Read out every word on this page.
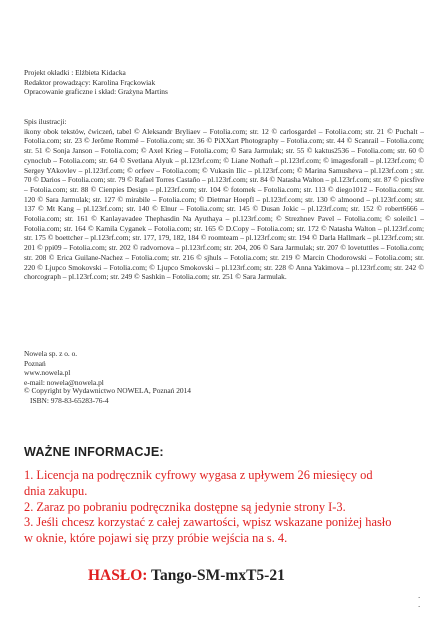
Projekt okładki : Elżbieta Kidacka

Redaktor prowadzący: Karolina Frąckowiak

Opracowanie graficzne i skład: Grażyna Martins

Spis ilustracji:

ikony obok tekstów, ćwiczeń, tabel © Aleksandr Bryliaev – Fotolia.com; str. 12 © carlosgardel – Fotolia.com; str. 21 © Puchalt – Fotolia.com; str. 23 © Jerôme Rommé – Fotolia.com; str. 36 © PiXXart Photography – Fotolia.com; str. 44 © Scanrail – Fotolia.com; str. 51 © Sonja Janson – Fotolia.com; © Axel Krieg – Fotolia.com; © Sara Jarmulak; str. 55 © kaktus2536 – Fotolia.com; str. 60 © cynoclub – Fotolia.com; str. 64 © Svetlana Alyuk – pl.123rf.com; © Liane Nothaft – pl.123rf.com; © imagesforall – pl.123rf.com; © Sergey YAkovlev – pl.123rf.com; © orfeev – Fotolia.com; © Vukasin Ilic – pl.123rf.com; © Marina Samusheva – pl.123rf.com ; str. 70 © Darios – Fotolia.com; str. 79 © Rafael Torres Castaño – pl.123rf.com; str. 84 © Natasha Walton – pl.123rf.com; str. 87 © picsfive – Fotolia.com; str. 88 © Cienpies Design – pl.123rf.com; str. 104 © fotomek – Fotolia.com; str. 113 © diego1012 – Fotolia.com; str. 120 © Sara Jarmulak; str. 127 © mirabile – Fotolia.com; © Dietmar Hoepfl – pl.123rf.com; str. 130 © almoond – pl.123rf.com; str. 137 © Mt Kang – pl.123rf.com; str. 140 © Elnur – Fotolia.com; str. 145 © Dusan Jokic – pl.123rf.com; str. 152 © robert6666 – Fotolia.com; str. 161 © Kanlayavadee Thephasdin Na Ayuthaya – pl.123rf.com; © Strezhnev Pavel – Fotolia.com; © soleilc1 – Fotolia.com; str. 164 © Kamila Cyganek – Fotolia.com; str. 165 © D.Copy – Fotolia.com; str. 172 © Natasha Walton – pl.123rf.com; str. 175 © boettcher – pl.123rf.com; str. 177, 179, 182, 184 © roomteam – pl.123rf.com; str. 194 © Darla Hallmark – pl.123rf.com; str. 201 © ppi09 – Fotolia.com; str. 202 © radvornova – pl.123rf.com; str. 204, 206 © Sara Jarmulak; str. 207 © lovetuttles – Fotolia.com; str. 208 © Erica Guilane-Nachez – Fotolia.com; str. 216 © sjhuls – Fotolia.com; str. 219 © Marcin Chodorowski – Fotolia.com; str. 220 © Ljupco Smokovski – Fotolia.com; © Ljupco Smokovski – pl.123rf.com; str. 228 © Anna Yakimova – pl.123rf.com; str. 242 © chorcograph – pl.123rf.com; str. 249 © Sashkin – Fotolia.com; str. 251 © Sara Jarmulak.

Nowela sp. z o. o.

Poznań

www.nowela.pl

e-mail: nowela@nowela.pl

© Copyright by Wydawnictwo NOWELA, Poznań 2014
ISBN: 978-83-65283-76-4
WAŻNE INFORMACJE:

1. Licencja na podręcznik cyfrowy wygasa z upływem 26 miesięcy od dnia zakupu.

2. Zaraz po pobraniu podręcznika dostępne są jedynie strony I-3.

3. Jeśli chcesz korzystać z całej zawartości, wpisz wskazane poniżej hasło w oknie, które pojawi się przy próbie wejścia na s. 4.

HASŁO: Tango-SM-mxT5-21
. .
